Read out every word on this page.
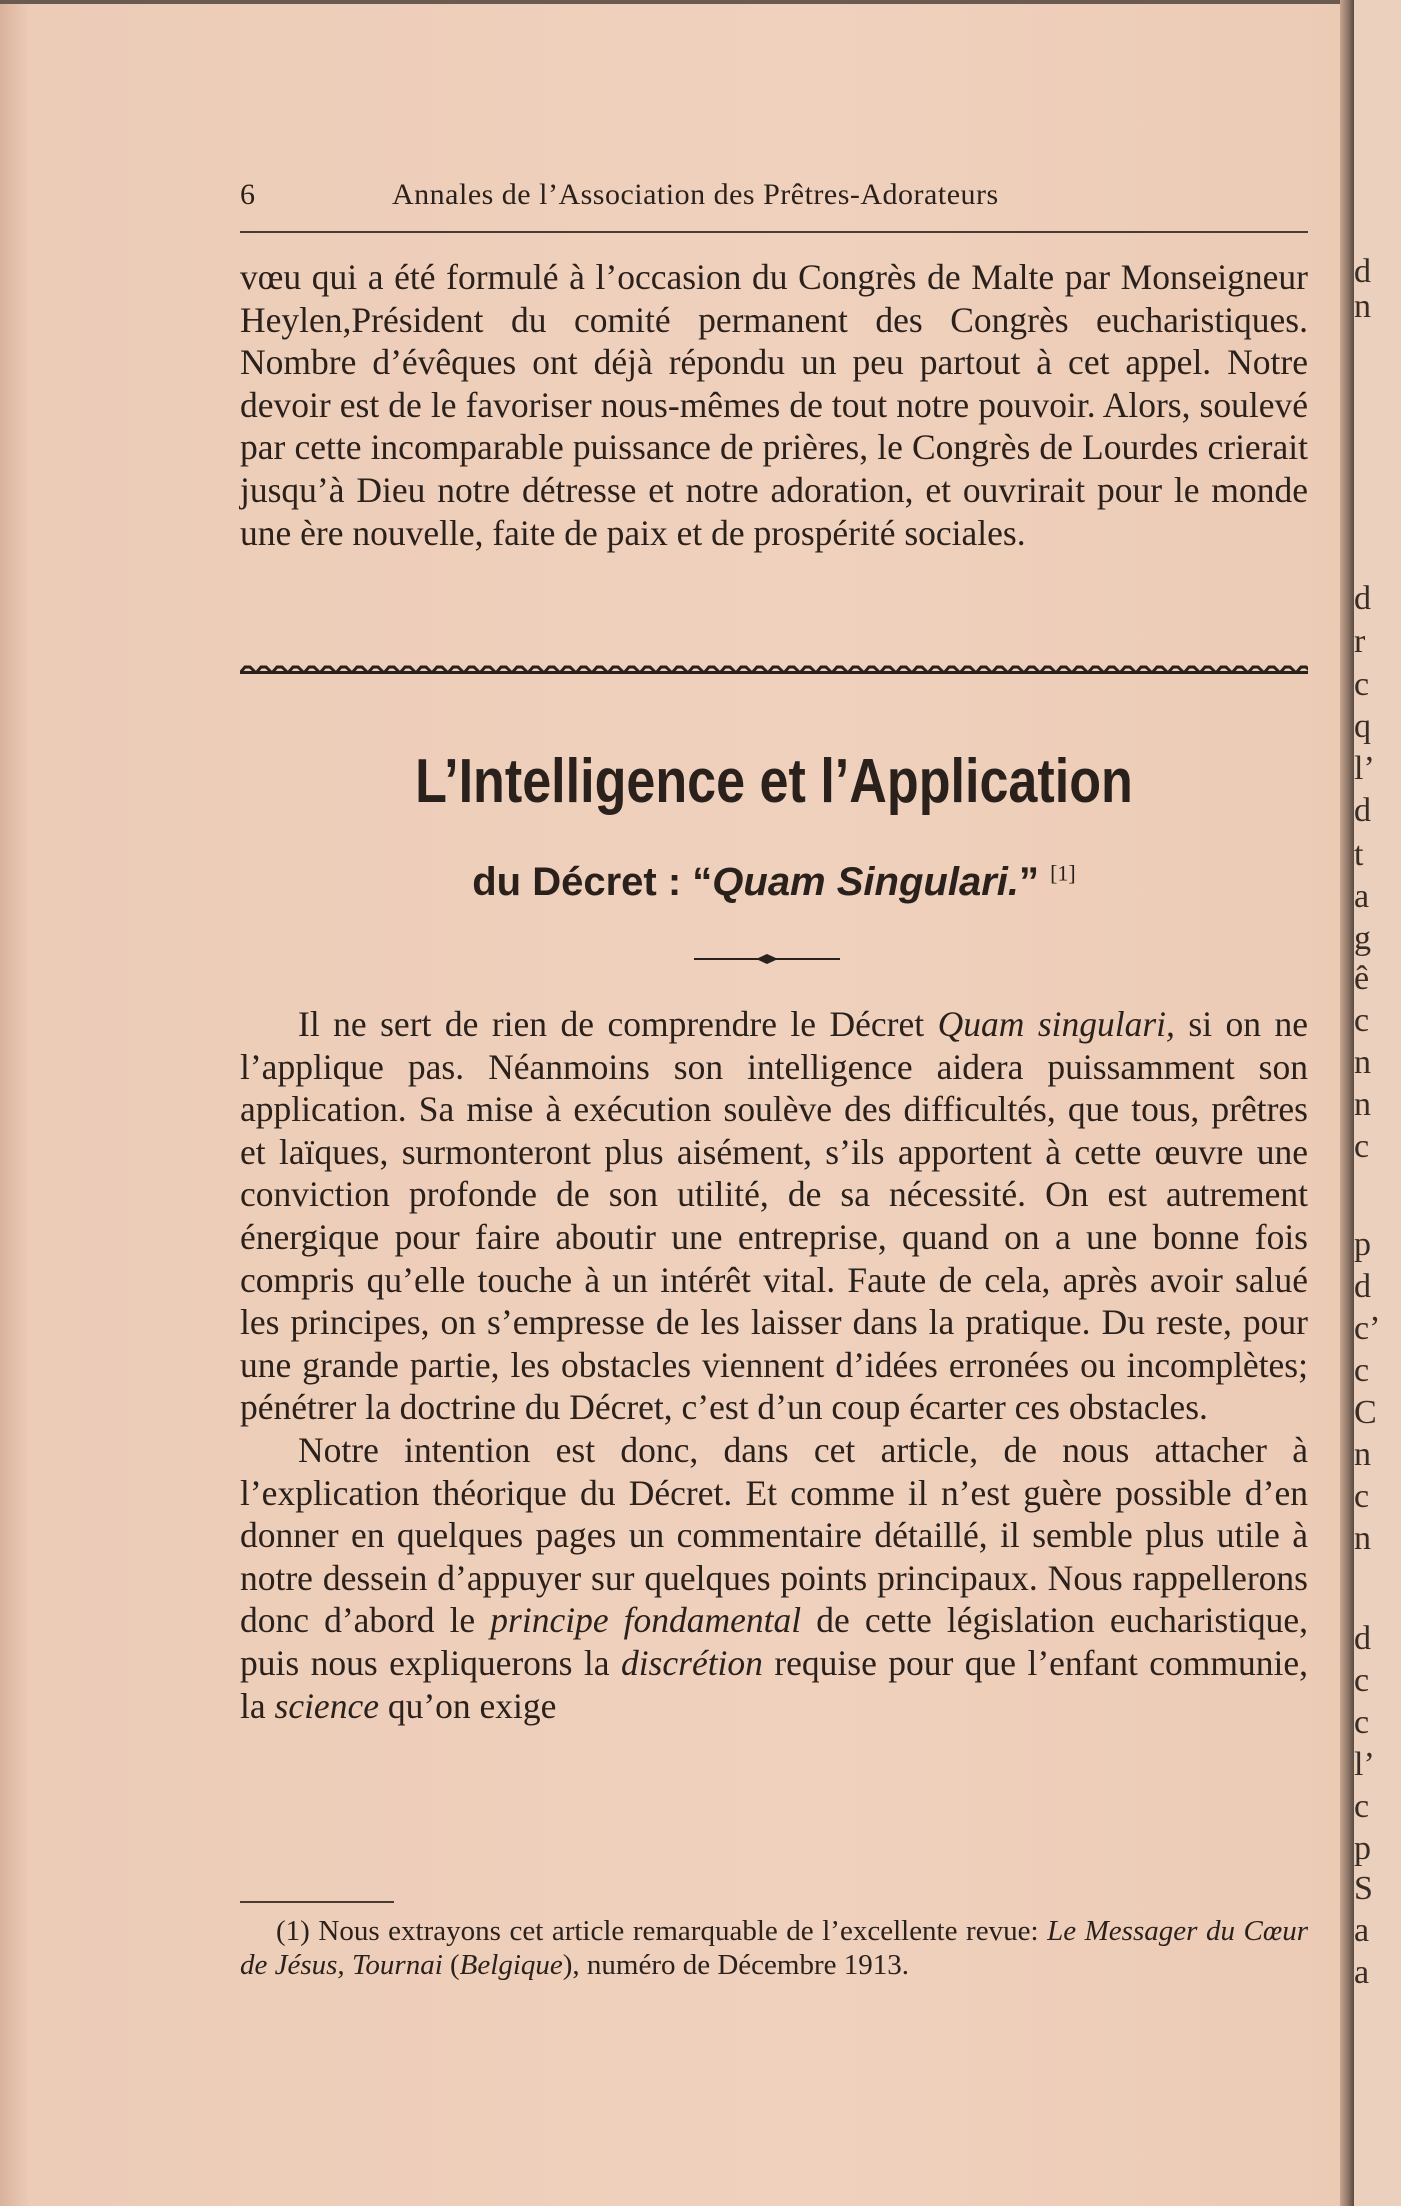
6	Annales de l’Association des Prêtres-Adorateurs

vœu qui a été formulé à l’occasion du Congrès de Malte par Monseigneur Heylen,Président du comité permanent des Congrès eucharistiques. Nombre d’évêques ont déjà répondu un peu partout à cet appel. Notre devoir est de le favoriser nous-mêmes de tout notre pouvoir. Alors, soulevé par cette incomparable puissance de prières, le Congrès de Lourdes crierait jusqu’à Dieu notre détresse et notre adoration, et ouvrirait pour le monde une ère nouvelle, faite de paix et de prospérité sociales.

L’Intelligence et l’Application
du Décret : “Quam Singulari.” [1]

Il ne sert de rien de comprendre le Décret Quam singulari, si on ne l’applique pas. Néanmoins son intelligence aidera puissamment son application. Sa mise à exécution soulève des difficultés, que tous, prêtres et laïques, surmonteront plus aisément, s’ils apportent à cette œuvre une conviction profonde de son utilité, de sa nécessité. On est autrement énergique pour faire aboutir une entreprise, quand on a une bonne fois compris qu’elle touche à un intérêt vital. Faute de cela, après avoir salué les principes, on s’empresse de les laisser dans la pratique. Du reste, pour une grande partie, les obstacles viennent d’idées erronées ou incomplètes; pénétrer la doctrine du Décret, c’est d’un coup écarter ces obstacles.

Notre intention est donc, dans cet article, de nous attacher à l’explication théorique du Décret. Et comme il n’est guère possible d’en donner en quelques pages un commentaire détaillé, il semble plus utile à notre dessein d’appuyer sur quelques points principaux. Nous rappellerons donc d’abord le principe fondamental de cette législation eucharistique, puis nous expliquerons la discrétion requise pour que l’enfant communie, la science qu’on exige

(1) Nous extrayons cet article remarquable de l’excellente revue: Le Messager du Cœur de Jésus, Tournai (Belgique), numéro de Décembre 1913.
d
n
d
r
c
q
l’
d
t
a
g
ê
c
n
n
c
p
d
c’
c
C
n
c
n
d
c
c
l’
c
p
S
a
a
